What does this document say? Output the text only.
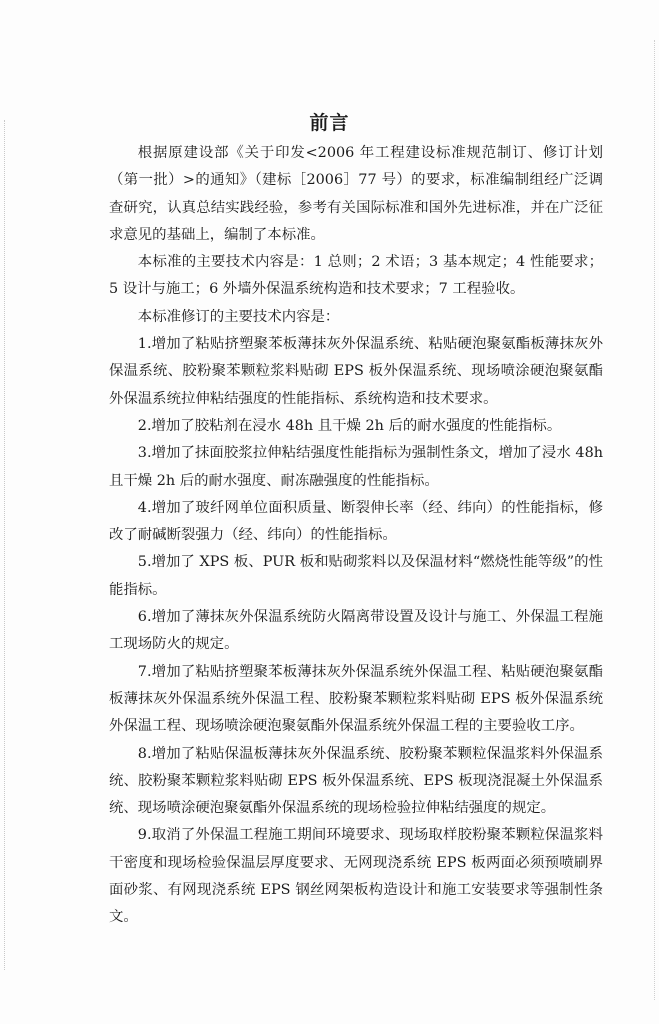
前言

根据原建设部《关于印发<2006 年工程建设标准规范制订、修订计划（第一批）>的通知》（建标［2006］77 号）的要求，标准编制组经广泛调查研究，认真总结实践经验，参考有关国际标准和国外先进标准，并在广泛征求意见的基础上，编制了本标准。

本标准的主要技术内容是：1 总则；2 术语；3 基本规定；4 性能要求；5 设计与施工；6 外墙外保温系统构造和技术要求；7 工程验收。

本标准修订的主要技术内容是：

1.增加了粘贴挤塑聚苯板薄抹灰外保温系统、粘贴硬泡聚氨酯板薄抹灰外保温系统、胶粉聚苯颗粒浆料贴砌 EPS 板外保温系统、现场喷涂硬泡聚氨酯外保温系统拉伸粘结强度的性能指标、系统构造和技术要求。

2.增加了胶粘剂在浸水 48h 且干燥 2h 后的耐水强度的性能指标。

3.增加了抹面胶浆拉伸粘结强度性能指标为强制性条文，增加了浸水 48h 且干燥 2h 后的耐水强度、耐冻融强度的性能指标。

4.增加了玻纤网单位面积质量、断裂伸长率（经、纬向）的性能指标，修改了耐碱断裂强力（经、纬向）的性能指标。

5.增加了 XPS 板、PUR 板和贴砌浆料以及保温材料“燃烧性能等级”的性能指标。

6.增加了薄抹灰外保温系统防火隔离带设置及设计与施工、外保温工程施工现场防火的规定。

7.增加了粘贴挤塑聚苯板薄抹灰外保温系统外保温工程、粘贴硬泡聚氨酯板薄抹灰外保温系统外保温工程、胶粉聚苯颗粒浆料贴砌 EPS 板外保温系统外保温工程、现场喷涂硬泡聚氨酯外保温系统外保温工程的主要验收工序。

8.增加了粘贴保温板薄抹灰外保温系统、胶粉聚苯颗粒保温浆料外保温系统、胶粉聚苯颗粒浆料贴砌 EPS 板外保温系统、EPS 板现浇混凝土外保温系统、现场喷涂硬泡聚氨酯外保温系统的现场检验拉伸粘结强度的规定。

9.取消了外保温工程施工期间环境要求、现场取样胶粉聚苯颗粒保温浆料干密度和现场检验保温层厚度要求、无网现浇系统 EPS 板两面必须预喷刷界面砂浆、有网现浇系统 EPS 钢丝网架板构造设计和施工安装要求等强制性条文。
